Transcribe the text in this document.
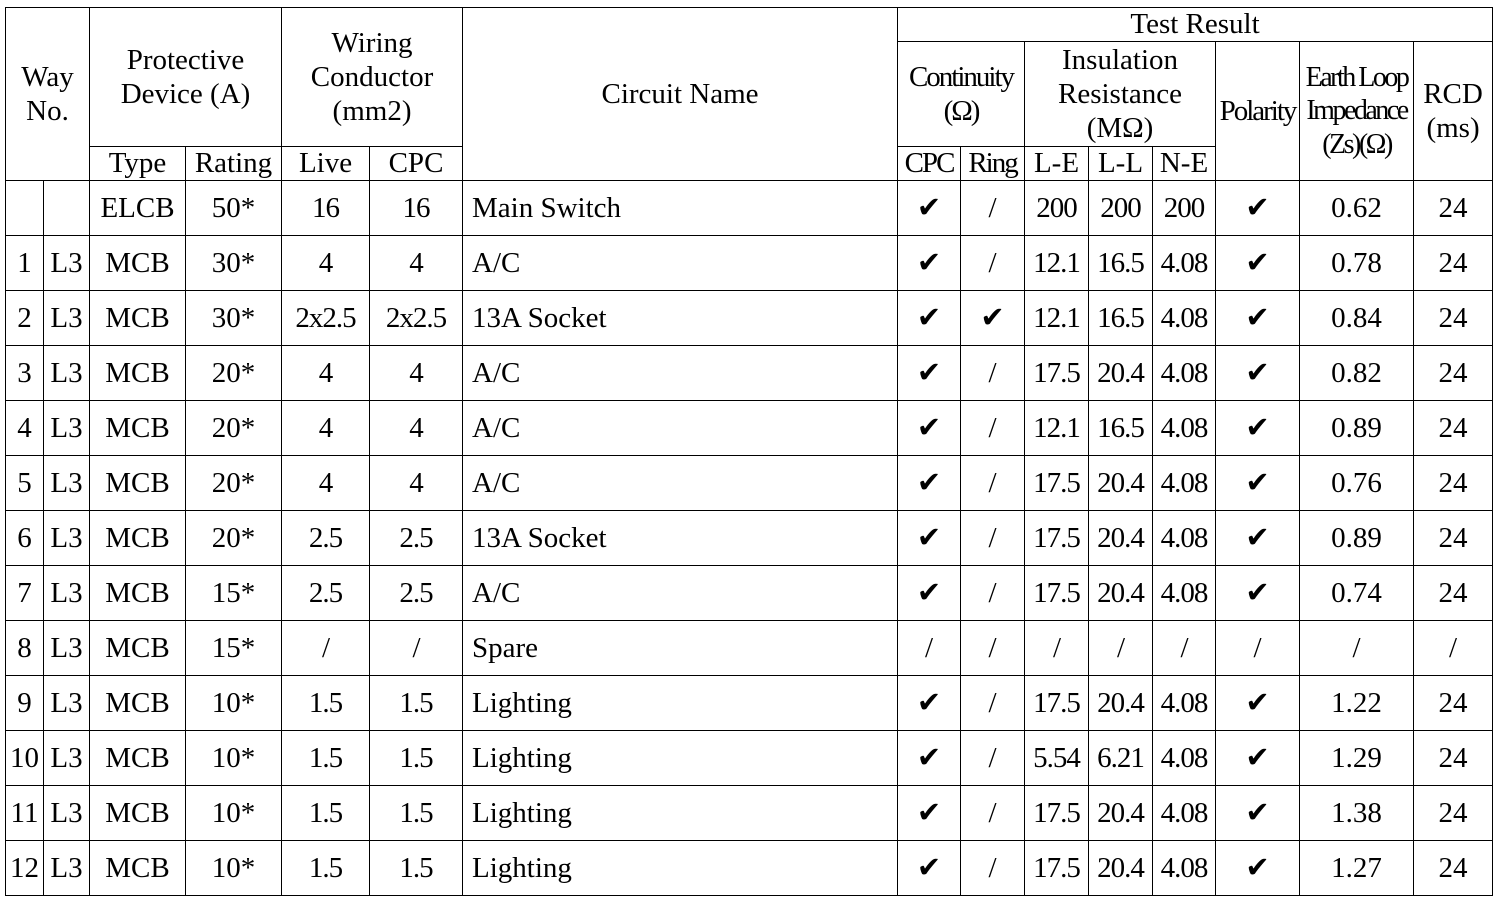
Way No.		Protective Device (A)		Wiring Conductor (mm2)		Circuit Name	Test Result							
							Continuity (Ω)		Insulation Resistance (MΩ)			Polarity	Earth Loop Impedance (Zs)(Ω)	RCD (ms)
		Type	Rating	Live	CPC		CPC	Ring	L-E	L-L	N-E			
		ELCB	50*	16	16	Main Switch	✔	/	200	200	200	✔	0.62	24
1	L3	MCB	30*	4	4	A/C	✔	/	12.1	16.5	4.08	✔	0.78	24
2	L3	MCB	30*	2x2.5	2x2.5	13A Socket	✔	✔	12.1	16.5	4.08	✔	0.84	24
3	L3	MCB	20*	4	4	A/C	✔	/	17.5	20.4	4.08	✔	0.82	24
4	L3	MCB	20*	4	4	A/C	✔	/	12.1	16.5	4.08	✔	0.89	24
5	L3	MCB	20*	4	4	A/C	✔	/	17.5	20.4	4.08	✔	0.76	24
6	L3	MCB	20*	2.5	2.5	13A Socket	✔	/	17.5	20.4	4.08	✔	0.89	24
7	L3	MCB	15*	2.5	2.5	A/C	✔	/	17.5	20.4	4.08	✔	0.74	24
8	L3	MCB	15*	/	/	Spare	/	/	/	/	/	/	/	/
9	L3	MCB	10*	1.5	1.5	Lighting	✔	/	17.5	20.4	4.08	✔	1.22	24
10	L3	MCB	10*	1.5	1.5	Lighting	✔	/	5.54	6.21	4.08	✔	1.29	24
11	L3	MCB	10*	1.5	1.5	Lighting	✔	/	17.5	20.4	4.08	✔	1.38	24
12	L3	MCB	10*	1.5	1.5	Lighting	✔	/	17.5	20.4	4.08	✔	1.27	24
